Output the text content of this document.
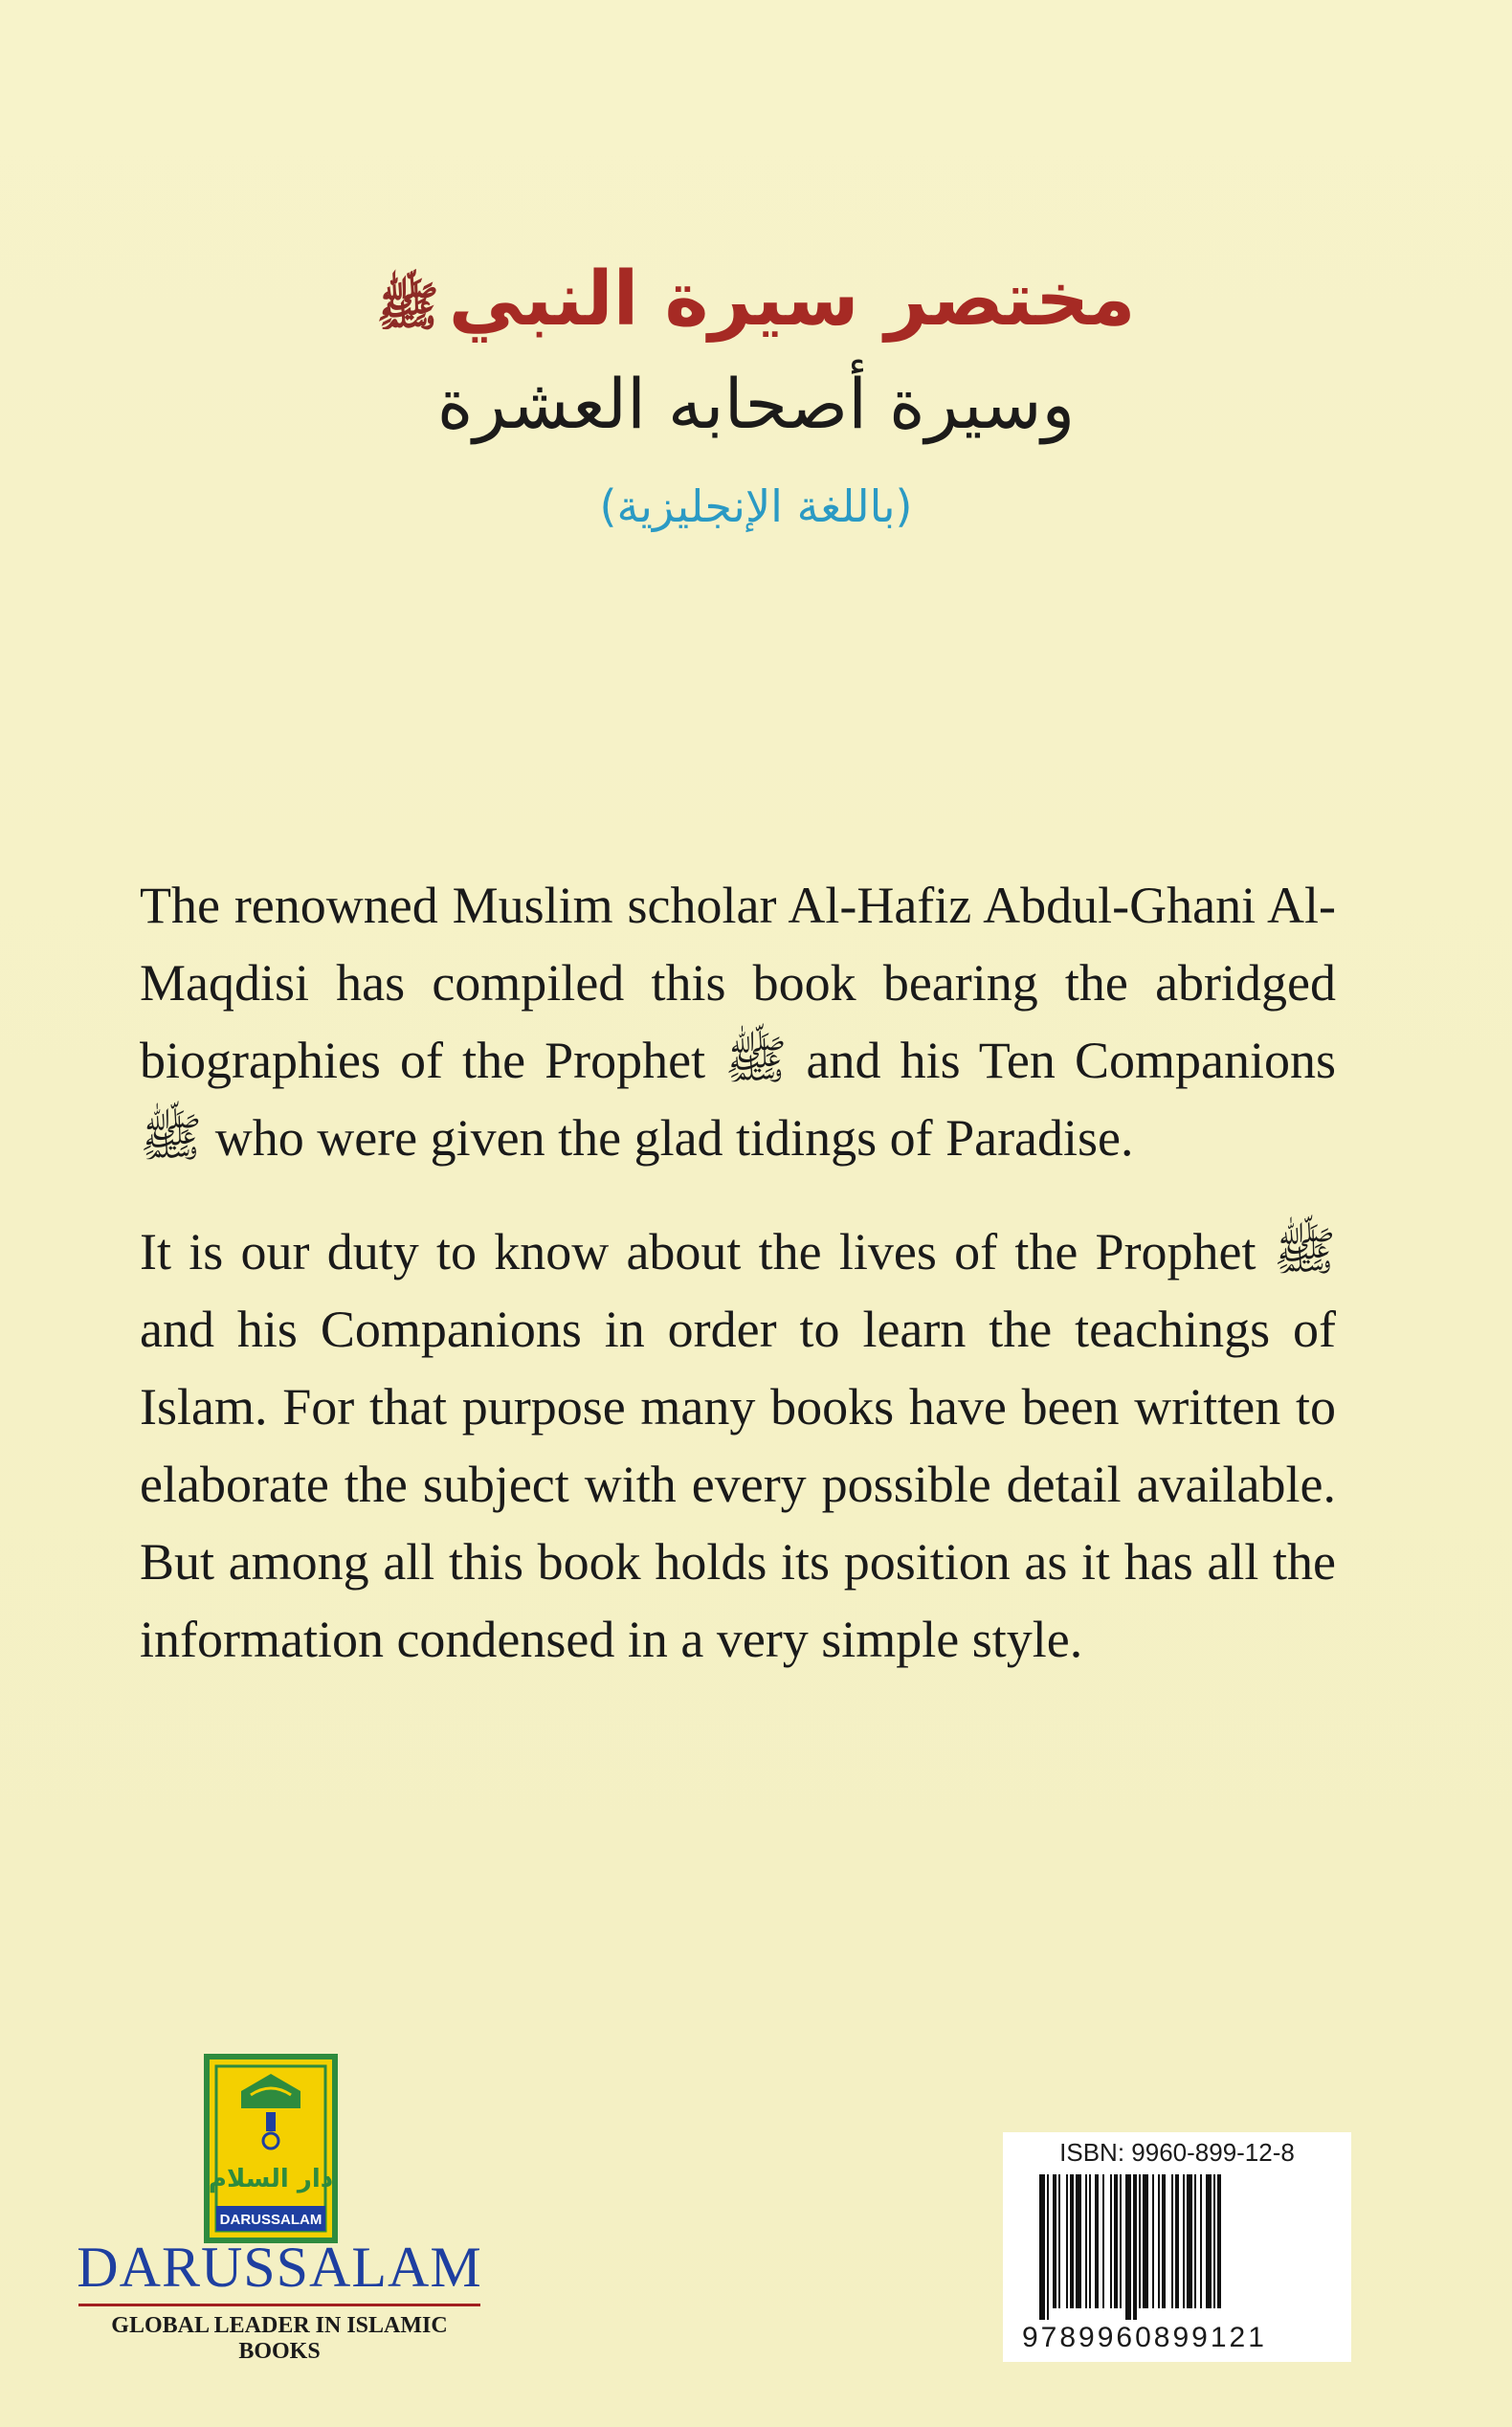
مختصر سيرة النبيﷺ
وسيرة أصحابه العشرة
(باللغة الإنجليزية)
The renowned Muslim scholar Al-Hafiz Abdul-Ghani Al-Maqdisi has compiled this book bearing the abridged biographies of the Prophet ﷺ and his Ten Companions ﷺ who were given the glad tidings of Paradise.
It is our duty to know about the lives of the Prophet ﷺ and his Companions in order to learn the teachings of Islam. For that purpose many books have been written to elaborate the subject with every possible detail available. But among all this book holds its position as it has all the information condensed in a very simple style.
دار السلام
DARUSSALAM
DARUSSALAM
GLOBAL LEADER IN ISLAMIC BOOKS
ISBN: 9960-899-12-8
9789960899121
